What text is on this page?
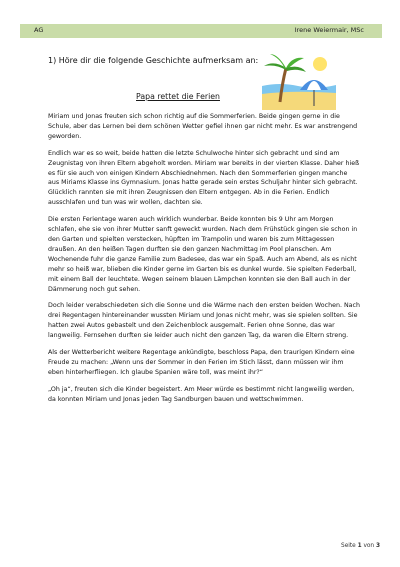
AG	Irene Weiermair, MSc
1) Höre dir die folgende Geschichte aufmerksam an:
Papa rettet die Ferien

Miriam und Jonas freuten sich schon richtig auf die Sommerferien. Beide gingen gerne in die Schule, aber das Lernen bei dem schönen Wetter gefiel ihnen gar nicht mehr. Es war anstrengend geworden.

Endlich war es so weit, beide hatten die letzte Schulwoche hinter sich gebracht und sind am Zeugnistag von ihren Eltern abgeholt worden. Miriam war bereits in der vierten Klasse. Daher hieß es für sie auch von einigen Kindern Abschiednehmen. Nach den Sommerferien gingen manche aus Miriams Klasse ins Gymnasium. Jonas hatte gerade sein erstes Schuljahr hinter sich gebracht. Glücklich rannten sie mit ihren Zeugnissen den Eltern entgegen. Ab in die Ferien. Endlich ausschlafen und tun was wir wollen, dachten sie.

Die ersten Ferientage waren auch wirklich wunderbar. Beide konnten bis 9 Uhr am Morgen schlafen, ehe sie von ihrer Mutter sanft geweckt wurden. Nach dem Frühstück gingen sie schon in den Garten und spielten verstecken, hüpften im Trampolin und waren bis zum Mittagessen draußen. An den heißen Tagen durften sie den ganzen Nachmittag im Pool planschen. Am Wochenende fuhr die ganze Familie zum Badesee, das war ein Spaß. Auch am Abend, als es nicht mehr so heiß war, blieben die Kinder gerne im Garten bis es dunkel wurde. Sie spielten Federball, mit einem Ball der leuchtete. Wegen seinem blauen Lämpchen konnten sie den Ball auch in der Dämmerung noch gut sehen.

Doch leider verabschiedeten sich die Sonne und die Wärme nach den ersten beiden Wochen. Nach drei Regentagen hintereinander wussten Miriam und Jonas nicht mehr, was sie spielen sollten. Sie hatten zwei Autos gebastelt und den Zeichenblock ausgemalt. Ferien ohne Sonne, das war langweilig. Fernsehen durften sie leider auch nicht den ganzen Tag, da waren die Eltern streng.

Als der Wetterbericht weitere Regentage ankündigte, beschloss Papa, den traurigen Kindern eine Freude zu machen: „Wenn uns der Sommer in den Ferien im Stich lässt, dann müssen wir ihm eben hinterherfliegen. Ich glaube Spanien wäre toll, was meint ihr?“

„Oh ja“, freuten sich die Kinder begeistert. Am Meer würde es bestimmt nicht langweilig werden, da konnten Miriam und Jonas jeden Tag Sandburgen bauen und wettschwimmen.

Seite 1 von 3
